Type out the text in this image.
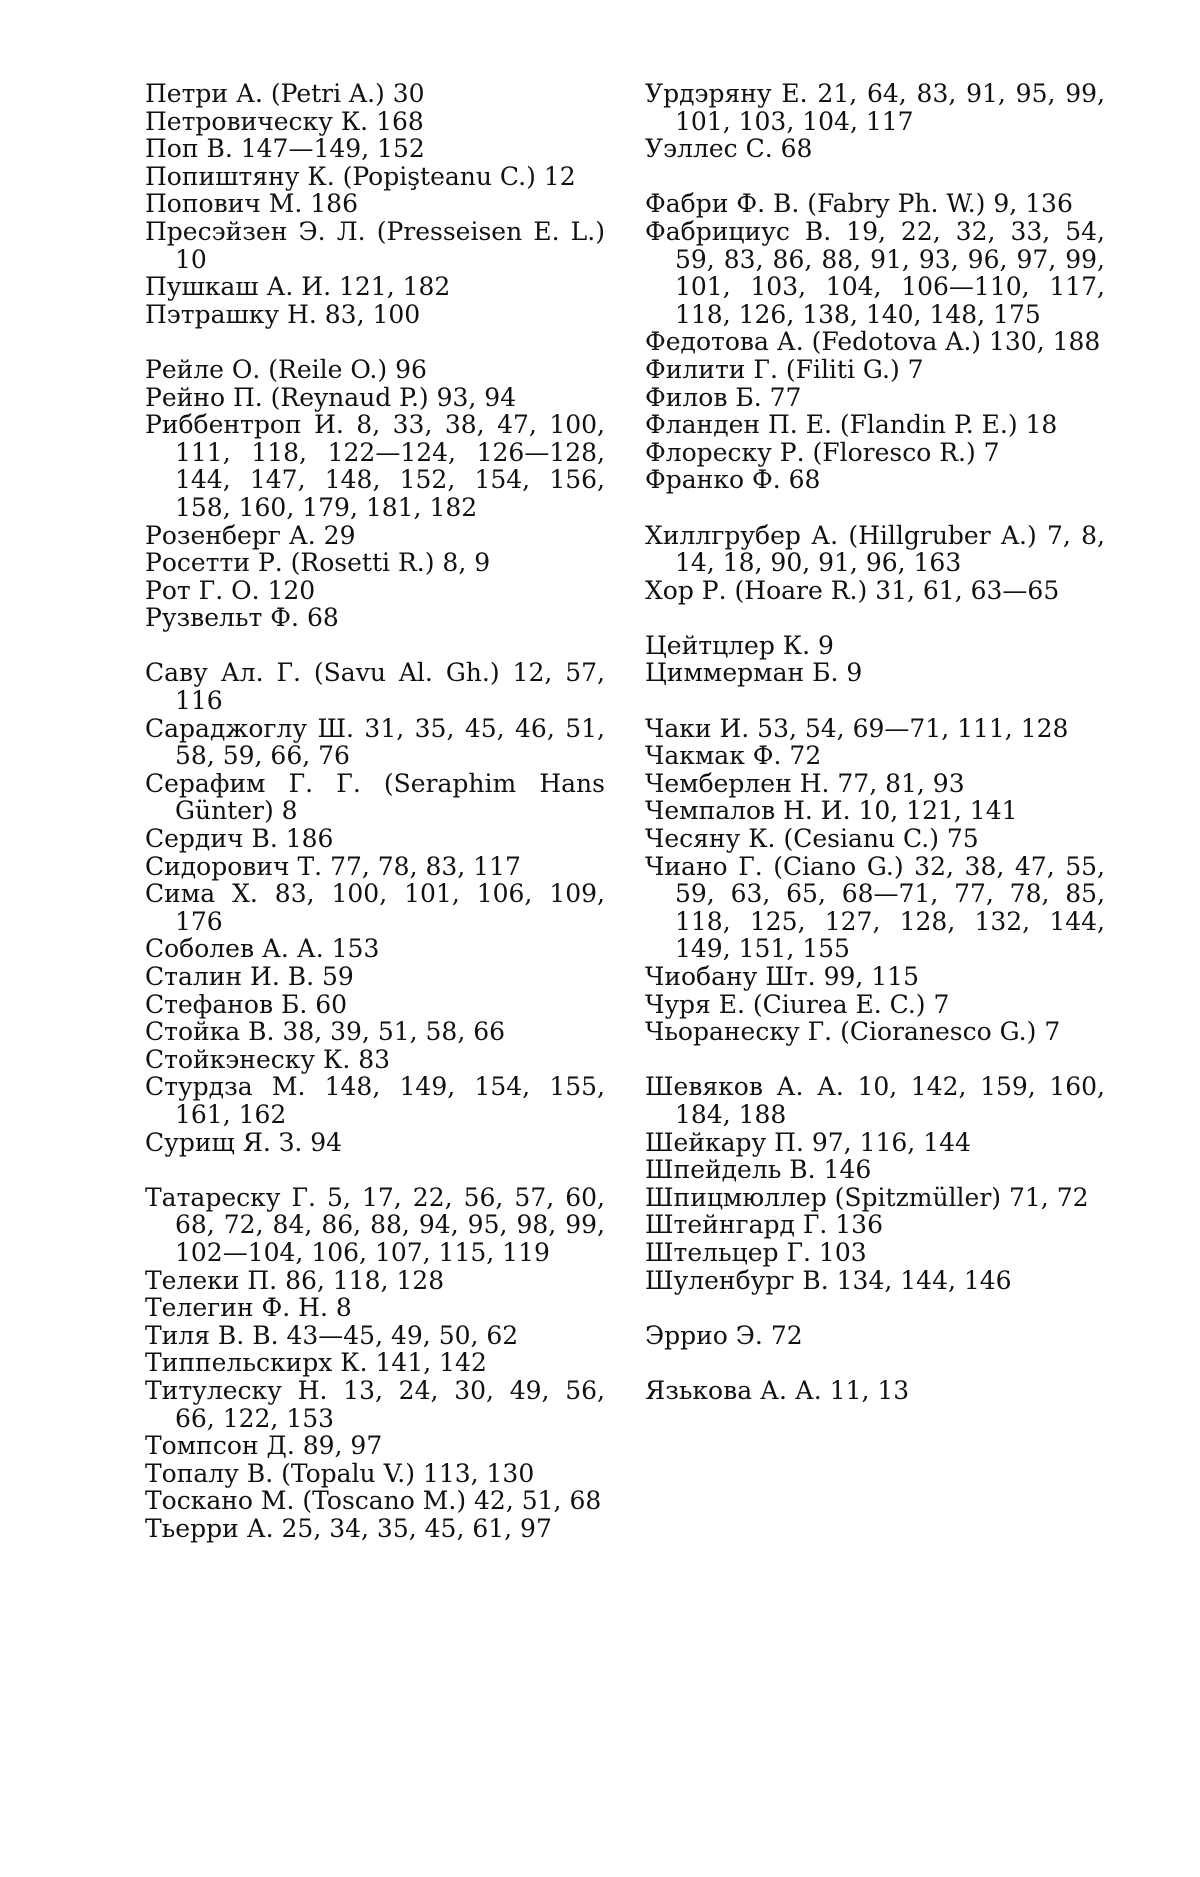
Петри А. (Petri A.) 30

Петровическу К. 168

Поп В. 147—149, 152

Попиштяну К. (Popişteanu C.) 12

Попович М. 186

Пресэйзен Э. Л. (Presseisen E. L.) 10

Пушкаш А. И. 121, 182

Пэтрашку Н. 83, 100

Рейле О. (Reile O.) 96

Рейно П. (Reynaud P.) 93, 94

Риббентроп И. 8, 33, 38, 47, 100, 111, 118, 122—124, 126—128, 144, 147, 148, 152, 154, 156, 158, 160, 179, 181, 182

Розенберг А. 29

Росетти Р. (Rosetti R.) 8, 9

Рот Г. О. 120

Рузвельт Ф. 68

Саву Ал. Г. (Savu Al. Gh.) 12, 57, 116

Сараджоглу Ш. 31, 35, 45, 46, 51, 58, 59, 66, 76

Серафим Г. Г. (Seraphim Hans Günter) 8

Сердич В. 186

Сидорович Т. 77, 78, 83, 117

Сима Х. 83, 100, 101, 106, 109, 176

Соболев А. А. 153

Сталин И. В. 59

Стефанов Б. 60

Стойка В. 38, 39, 51, 58, 66

Стойкэнеску К. 83

Стурдза М. 148, 149, 154, 155, 161, 162

Сурищ Я. З. 94

Татареску Г. 5, 17, 22, 56, 57, 60, 68, 72, 84, 86, 88, 94, 95, 98, 99, 102—104, 106, 107, 115, 119

Телеки П. 86, 118, 128

Телегин Ф. Н. 8

Тиля В. В. 43—45, 49, 50, 62

Типпельскирх К. 141, 142

Титулеску Н. 13, 24, 30, 49, 56, 66, 122, 153

Томпсон Д. 89, 97

Топалу В. (Topalu V.) 113, 130

Тоскано М. (Toscano M.) 42, 51, 68

Тьерри А. 25, 34, 35, 45, 61, 97

Урдэряну Е. 21, 64, 83, 91, 95, 99, 101, 103, 104, 117

Уэллес С. 68

Фабри Ф. В. (Fabry Ph. W.) 9, 136

Фабрициус В. 19, 22, 32, 33, 54, 59, 83, 86, 88, 91, 93, 96, 97, 99, 101, 103, 104, 106—110, 117, 118, 126, 138, 140, 148, 175

Федотова А. (Fedotova A.) 130, 188

Филити Г. (Filiti G.) 7

Филов Б. 77

Фланден П. Е. (Flandin P. E.) 18

Флореску Р. (Floresco R.) 7

Франко Ф. 68

Хиллгрубер А. (Hillgruber A.) 7, 8, 14, 18, 90, 91, 96, 163

Хор Р. (Hoare R.) 31, 61, 63—65

Цейтцлер К. 9

Циммерман Б. 9

Чаки И. 53, 54, 69—71, 111, 128

Чакмак Ф. 72

Чемберлен Н. 77, 81, 93

Чемпалов Н. И. 10, 121, 141

Чесяну К. (Cesianu C.) 75

Чиано Г. (Ciano G.) 32, 38, 47, 55, 59, 63, 65, 68—71, 77, 78, 85, 118, 125, 127, 128, 132, 144, 149, 151, 155

Чиобану Шт. 99, 115

Чуря Е. (Ciurea E. C.) 7

Чьоранеску Г. (Cioranesco G.) 7

Шевяков А. А. 10, 142, 159, 160, 184, 188

Шейкару П. 97, 116, 144

Шпейдель В. 146

Шпицмюллер (Spitzmüller) 71, 72

Штейнгард Г. 136

Штельцер Г. 103

Шуленбург В. 134, 144, 146

Эррио Э. 72

Язькова А. А. 11, 13
